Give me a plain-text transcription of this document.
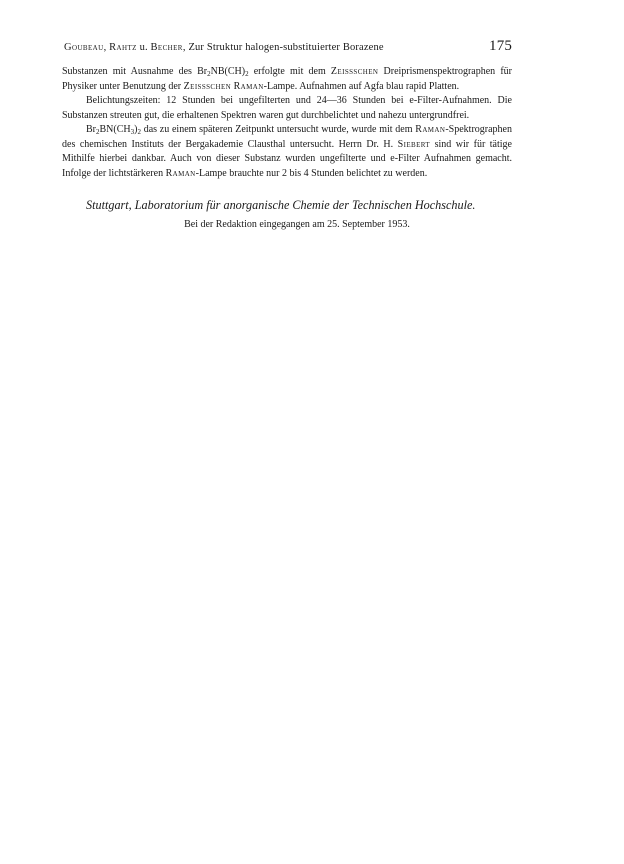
Goubeau, Rahtz u. Becher, Zur Struktur halogen-substituierter Borazene	175

Substanzen mit Ausnahme des $Br_2NB(CH)_2$ erfolgte mit dem Zeissschen Dreiprismenspektrographen für Physiker unter Benutzung der Zeissschen Raman-Lampe. Aufnahmen auf Agfa blau rapid Platten.

Belichtungszeiten: 12 Stunden bei ungefilterten und 24—36 Stunden bei e-Filter-Aufnahmen. Die Substanzen streuten gut, die erhaltenen Spektren waren gut durchbelichtet und nahezu untergrundfrei.

$Br_2BN(CH_3)_2$ das zu einem späteren Zeitpunkt untersucht wurde, wurde mit dem Raman-Spektrographen des chemischen Instituts der Bergakademie Clausthal untersucht. Herrn Dr. H. Siebert sind wir für tätige Mithilfe hierbei dankbar. Auch von dieser Substanz wurden ungefilterte und e-Filter Aufnahmen gemacht. Infolge der lichtstärkeren Raman-Lampe brauchte nur 2 bis 4 Stunden belichtet zu werden.

Stuttgart, Laboratorium für anorganische Chemie der Technischen Hochschule.
Bei der Redaktion eingegangen am 25. September 1953.
